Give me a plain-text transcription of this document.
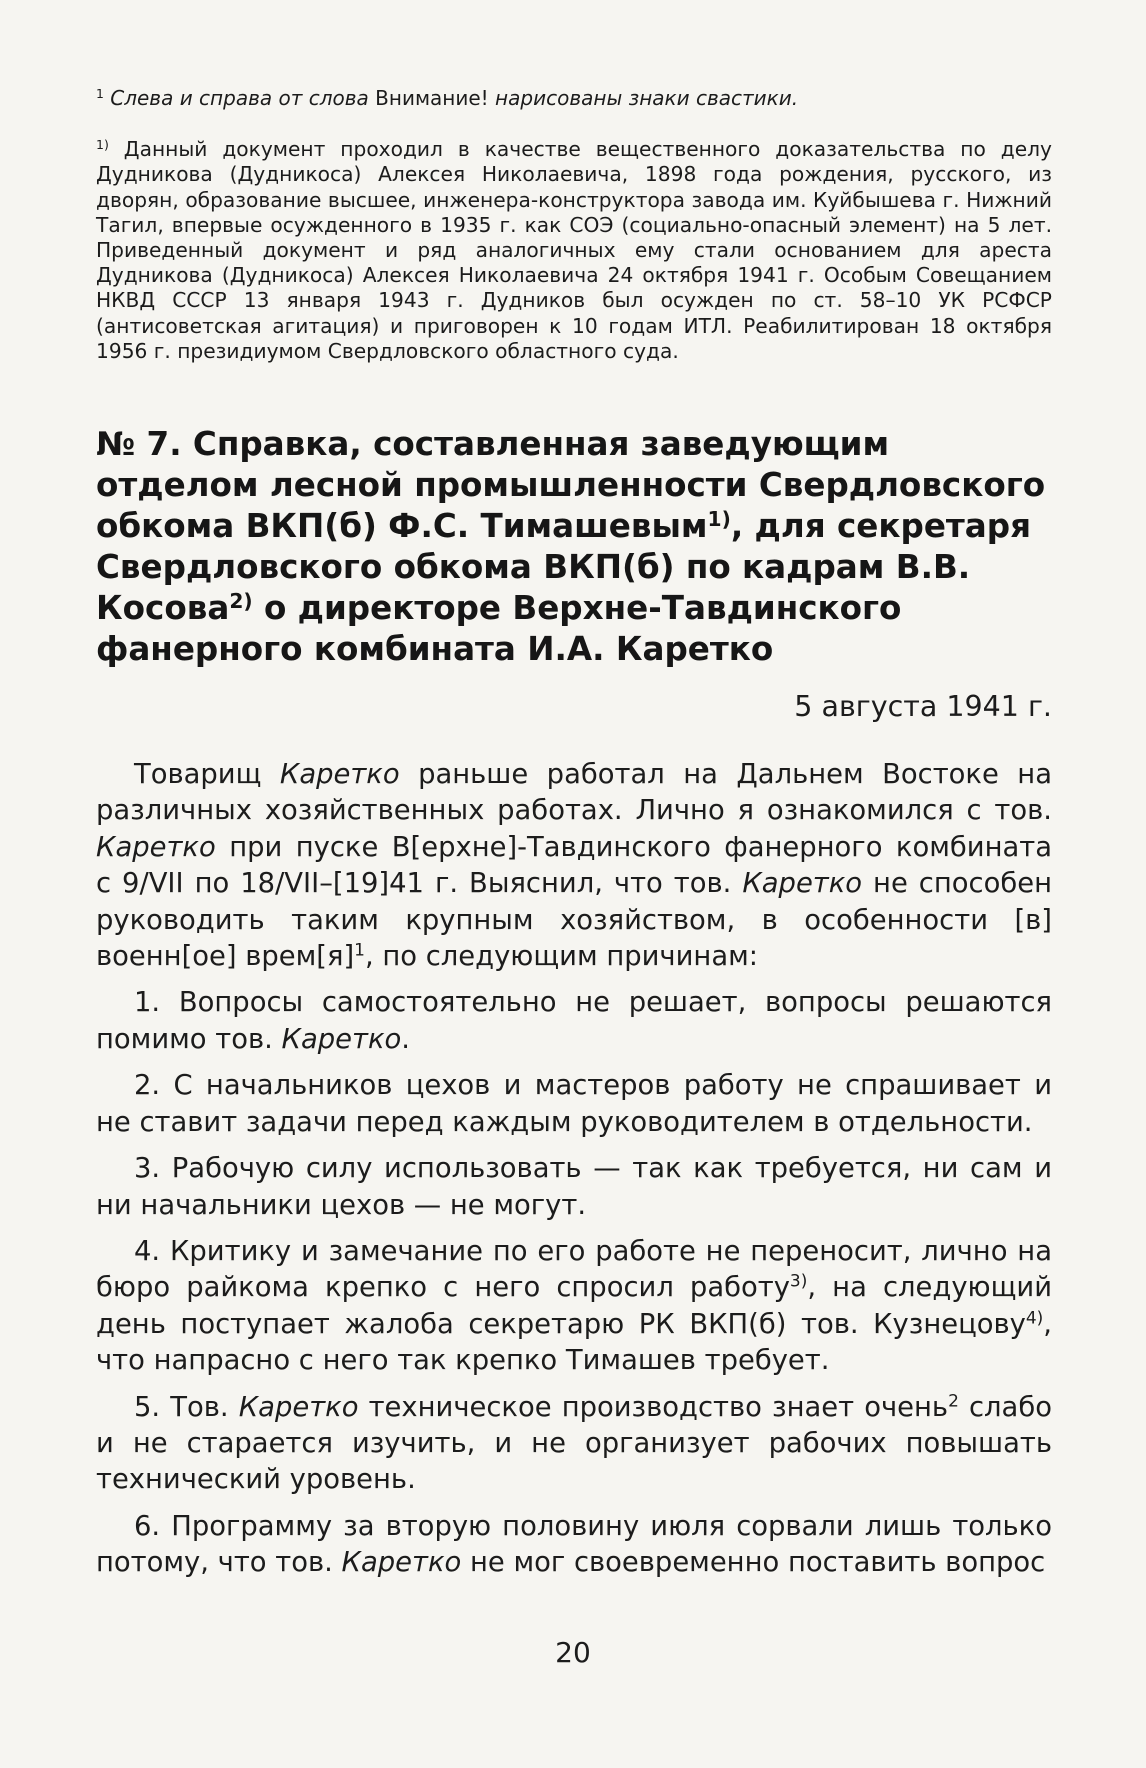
$^1$ Слева и справа от слова Внимание! нарисованы знаки свастики.

$^{1)}$ Данный документ проходил в качестве вещественного доказательства по делу Дудникова (Дудникоса) Алексея Николаевича, 1898 года рождения, русского, из дворян, образование высшее, инженера-конструктора завода им. Куйбышева г. Нижний Тагил, впервые осужденного в 1935 г. как СОЭ (социально-опасный элемент) на 5 лет. Приведенный документ и ряд аналогичных ему стали основанием для ареста Дудникова (Дудникоса) Алексея Николаевича 24 октября 1941 г. Особым Совещанием НКВД СССР 13 января 1943 г. Дудников был осужден по ст. 58–10 УК РСФСР (антисоветская агитация) и приговорен к 10 годам ИТЛ. Реабилитирован 18 октября 1956 г. президиумом Свердловского областного суда.

№ 7. Справка, составленная заведующим отделом лесной промышленности Свердловского обкома ВКП(б) Ф.С. Тимашевым$^{1)}$, для секретаря Свердловского обкома ВКП(б) по кадрам В.В. Косова$^{2)}$ о директоре Верхне-Тавдинского фанерного комбината И.А. Каретко

5 августа 1941 г.

Товарищ Каретко раньше работал на Дальнем Востоке на различных хозяйственных работах. Лично я ознакомился с тов. Каретко при пуске В[ерхне]-Тавдинского фанерного комбината с 9/VII по 18/VII–[19]41 г. Выяснил, что тов. Каретко не способен руководить таким крупным хозяйством, в особенности [в] военн[ое] $врем[я]^1$, по следующим причинам:

1. Вопросы самостоятельно не решает, вопросы решаются помимо тов. Каретко.

2. С начальников цехов и мастеров работу не спрашивает и не ставит задачи перед каждым руководителем в отдельности.

3. Рабочую силу использовать — так как требуется, ни сам и ни начальники цехов — не могут.

4. Критику и замечание по его работе не переносит, лично на бюро райкома крепко с него спросил работу$^{3)}$, на следующий день поступает жалоба секретарю РК ВКП(б) тов. Кузнецову$^{4)}$, что напрасно с него так крепко Тимашев требует.

5. Тов. Каретко техническое производство знает очень$^2$ слабо и не старается изучить, и не организует рабочих повышать технический уровень.

6. Программу за вторую половину июля сорвали лишь только потому, что тов. Каретко не мог своевременно поставить вопрос

20
